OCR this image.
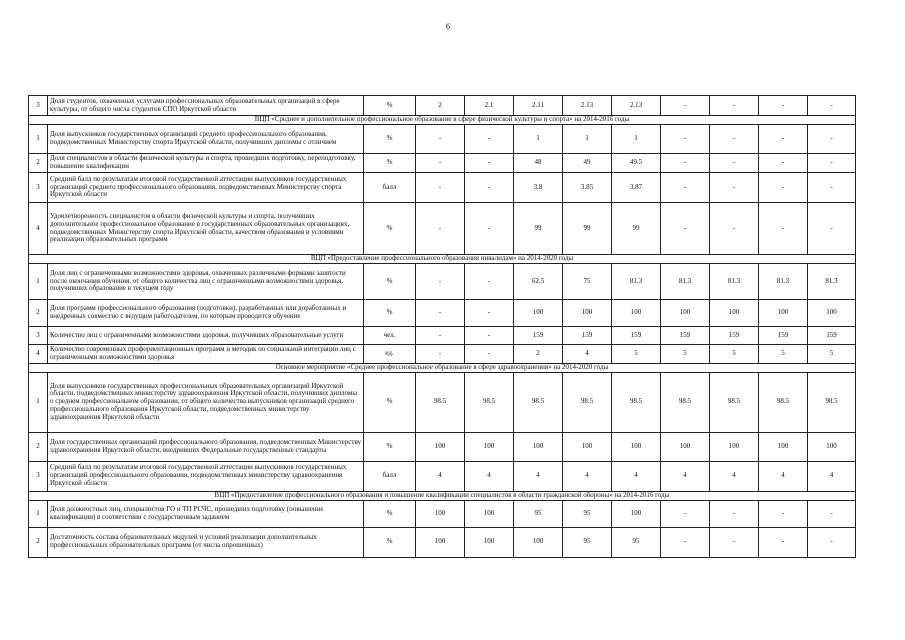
6
3	Доля студентов, охваченных услугами профессиональных образовательных организаций в сфере культуры, от общего числа студентов СПО Иркутской области	%	2	2.1	2.11	2.13	2.13	-	-	-	-
ВЦП «Среднее и дополнительное профессиональное образование в сфере физической культуры и спорта» на 2014-2016 годы											
1	Доля выпускников государственных организаций среднего профессионального образования, подведомственных Министерству спорта Иркутской области, получивших дипломы с отличием	%	-	-	1	1	1	-	-	-	-
2	Доля специалистов в области физической культуры и спорта, прошедших подготовку, переподготовку, повышение квалификации	%	-	-	48	49	49.5	-	-	-	-
3	Средний балл по результатам итоговой государственной аттестации выпускников государственных организаций среднего профессионального образования, подведомственных Министерству спорта Иркутской области	балл	-	-	3.8	3.85	3.87	-	-	-	-
4	Удовлетворенность специалистов в области физической культуры и спорта, получивших дополнительное профессиональное образование в государственных образовательных организациях, подведомственных Министерству спорта Иркутской области, качеством образования и условиями реализации образовательных программ	%	-	-	99	99	99	-	-	-	-
ВЦП «Предоставление профессионального образования инвалидам» на 2014-2020 годы											
1	Доля лиц с ограниченными возможностями здоровья, охваченных различными формами занятости после окончания обучения, от общего количества лиц с ограниченными возможностями здоровья, получивших образование в текущем году	%	-	-	62.5	75	81.3	81.3	81.3	81.3	81.3
2	Доля программ профессионального образования (подготовки), разработанных или доработанных и внедренных совместно с ведущим работодателем, по которым проводится обучение	%	-	-	100	100	100	100	100	100	100
3	Количество лиц с ограниченными возможностями здоровья, получивших образовательные услуги	чел.	-	-	159	159	159	159	159	159	159
4	Количество современных профориентационных программ и методик по социальной интеграции лиц с ограниченными возможностями здоровья	ед.	-	-	2	4	5	5	5	5	5
Основное мероприятие «Среднее профессиональное образование в сфере здравоохранения» на 2014-2020 годы											
1	Доля выпускников государственных профессиональных образовательных организаций Иркутской области, подведомственных министерству здравоохранения Иркутской области, получивших дипломы о среднем профессиональном образовании, от общего количества выпускников организаций среднего профессионального образования Иркутской области, подведомственных министерству здравоохранения Иркутской области	%	98.5	98.5	98.5	98.5	98.5	98.5	98.5	98.5	98.5
2	Доля государственных организаций профессионального образования, подведомственных Министерству здравоохранения Иркутской области, внедривших Федеральные государственные стандарты	%	100	100	100	100	100	100	100	100	100
3	Средний балл по результатам итоговой государственной аттестации выпускников государственных организаций профессионального образования, подведомственных министерству здравоохранения Иркутской области	балл	4	4	4	4	4	4	4	4	4
ВЦП «Предоставление профессионального образования и повышение квалификации специалистов в области гражданской обороны» на 2014-2016 годы											
1	Доля должностных лиц, специалистов ГО и ТП РСЧС, прошедших подготовку (повышение квалификации) в соответствии с государственным заданием	%	100	100	95	95	100	-	-	-	-
2	Достаточность состава образовательных модулей и условий реализации дополнительных профессиональных образовательных программ (от числа опрошенных)	%	100	100	100	95	95	-	-	-	-
